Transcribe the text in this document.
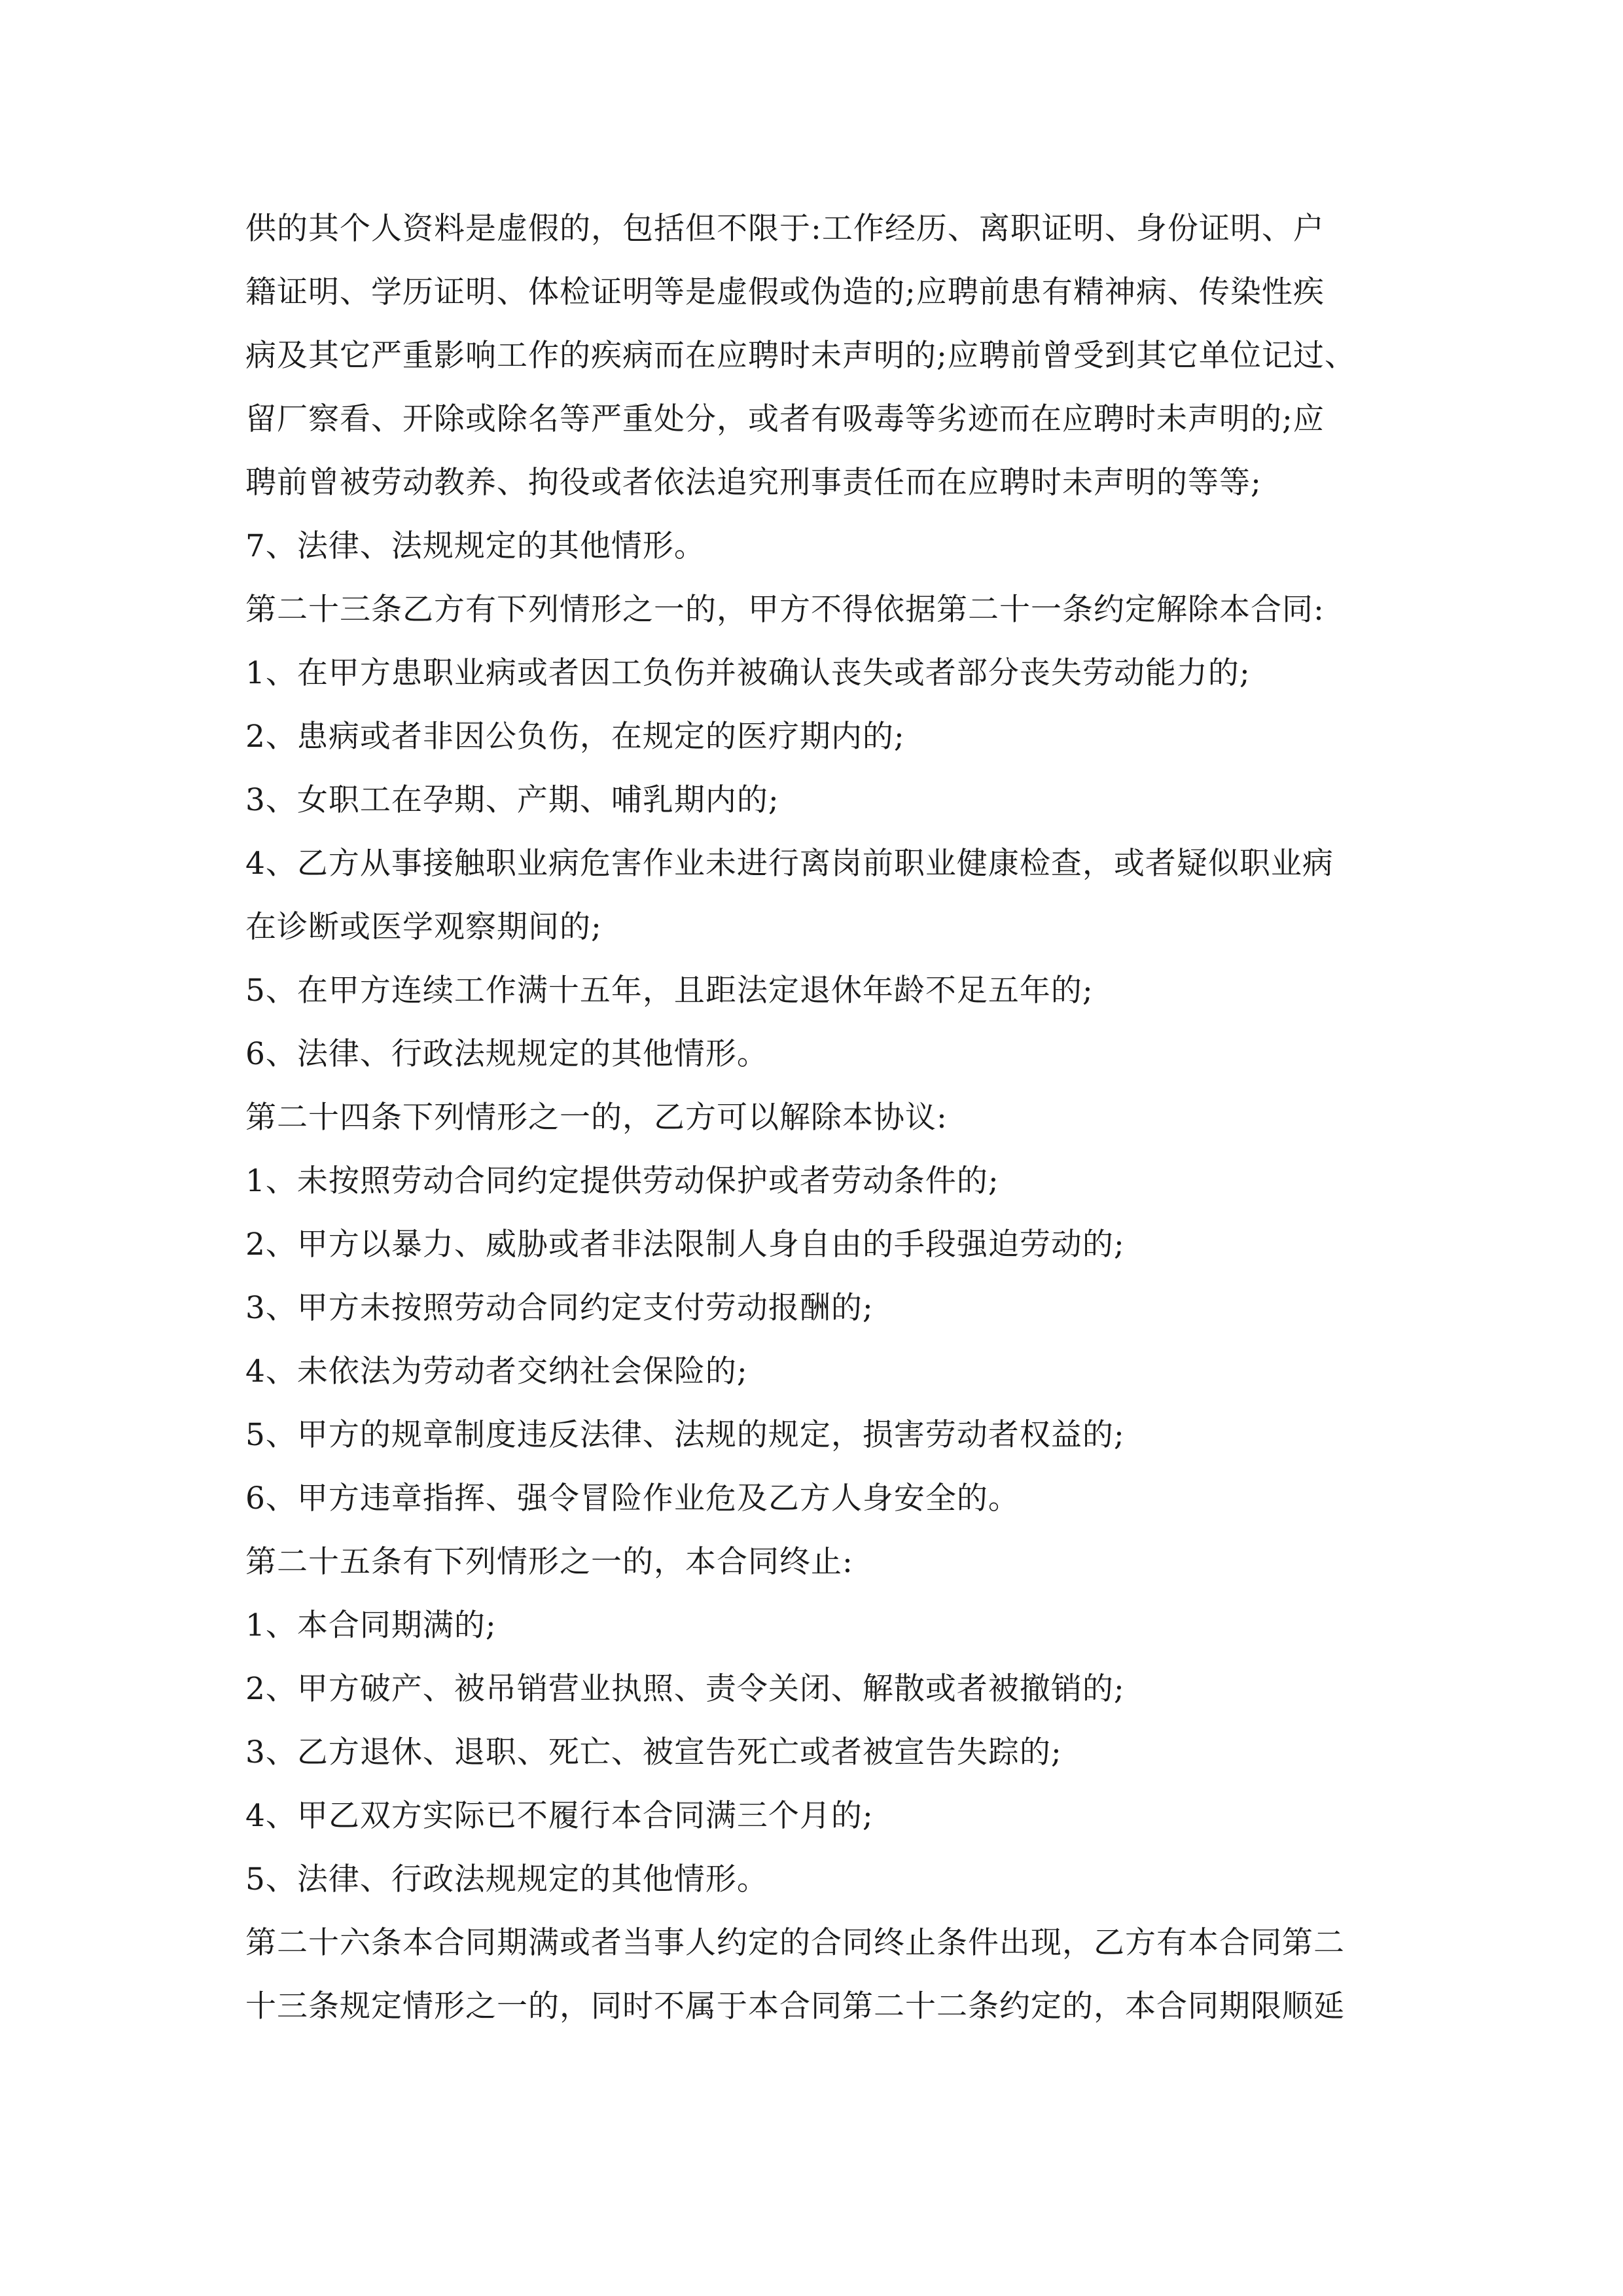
供的其个人资料是虚假的，包括但不限于:工作经历、离职证明、身份证明、户
籍证明、学历证明、体检证明等是虚假或伪造的;应聘前患有精神病、传染性疾
病及其它严重影响工作的疾病而在应聘时未声明的;应聘前曾受到其它单位记过、
留厂察看、开除或除名等严重处分，或者有吸毒等劣迹而在应聘时未声明的;应
聘前曾被劳动教养、拘役或者依法追究刑事责任而在应聘时未声明的等等;
7、法律、法规规定的其他情形。
第二十三条乙方有下列情形之一的，甲方不得依据第二十一条约定解除本合同:
1、在甲方患职业病或者因工负伤并被确认丧失或者部分丧失劳动能力的;
2、患病或者非因公负伤，在规定的医疗期内的;
3、女职工在孕期、产期、哺乳期内的;
4、乙方从事接触职业病危害作业未进行离岗前职业健康检查，或者疑似职业病
在诊断或医学观察期间的;
5、在甲方连续工作满十五年，且距法定退休年龄不足五年的;
6、法律、行政法规规定的其他情形。
第二十四条下列情形之一的，乙方可以解除本协议:
1、未按照劳动合同约定提供劳动保护或者劳动条件的;
2、甲方以暴力、威胁或者非法限制人身自由的手段强迫劳动的;
3、甲方未按照劳动合同约定支付劳动报酬的;
4、未依法为劳动者交纳社会保险的;
5、甲方的规章制度违反法律、法规的规定，损害劳动者权益的;
6、甲方违章指挥、强令冒险作业危及乙方人身安全的。
第二十五条有下列情形之一的，本合同终止:
1、本合同期满的;
2、甲方破产、被吊销营业执照、责令关闭、解散或者被撤销的;
3、乙方退休、退职、死亡、被宣告死亡或者被宣告失踪的;
4、甲乙双方实际已不履行本合同满三个月的;
5、法律、行政法规规定的其他情形。
第二十六条本合同期满或者当事人约定的合同终止条件出现，乙方有本合同第二
十三条规定情形之一的，同时不属于本合同第二十二条约定的，本合同期限顺延
